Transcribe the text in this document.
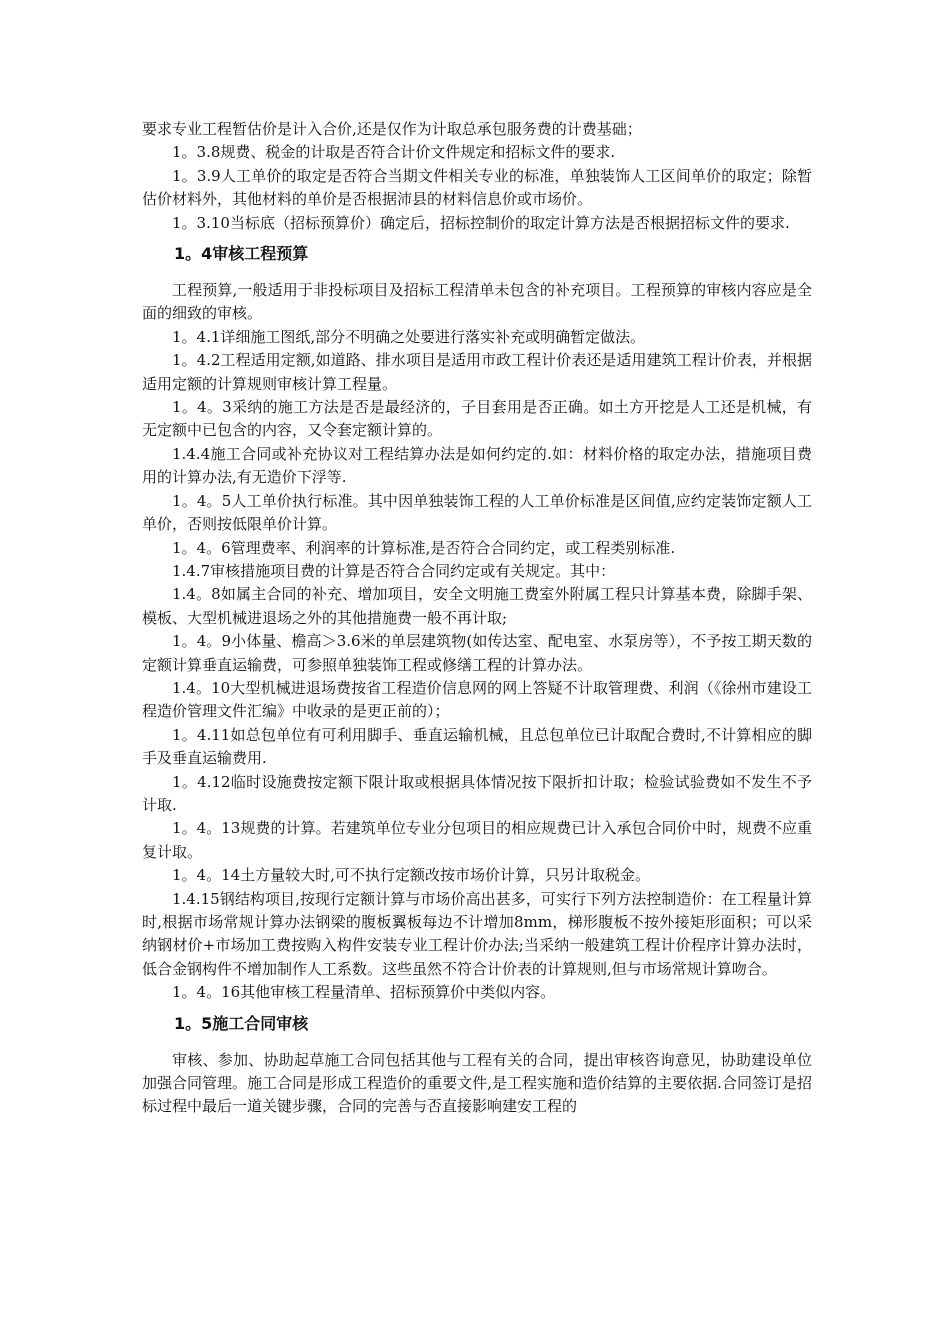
要求专业工程暂估价是计入合价,还是仅作为计取总承包服务费的计费基础；

1。3.8规费、税金的计取是否符合计价文件规定和招标文件的要求.

1。3.9人工单价的取定是否符合当期文件相关专业的标准，单独装饰人工区间单价的取定；除暂估价材料外，其他材料的单价是否根据沛县的材料信息价或市场价。

1。3.10当标底（招标预算价）确定后，招标控制价的取定计算方法是否根据招标文件的要求.

1。4审核工程预算

工程预算,一般适用于非投标项目及招标工程清单未包含的补充项目。工程预算的审核内容应是全面的细致的审核。

1。4.1详细施工图纸,部分不明确之处要进行落实补充或明确暂定做法。

1。4.2工程适用定额,如道路、排水项目是适用市政工程计价表还是适用建筑工程计价表，并根据适用定额的计算规则审核计算工程量。

1。4。3采纳的施工方法是否是最经济的，子目套用是否正确。如土方开挖是人工还是机械，有无定额中已包含的内容，又令套定额计算的。

1.4.4施工合同或补充协议对工程结算办法是如何约定的.如：材料价格的取定办法，措施项目费用的计算办法,有无造价下浮等.

1。4。5人工单价执行标准。其中因单独装饰工程的人工单价标准是区间值,应约定装饰定额人工单价，否则按低限单价计算。

1。4。6管理费率、利润率的计算标准,是否符合合同约定，或工程类别标准.

1.4.7审核措施项目费的计算是否符合合同约定或有关规定。其中：

1.4。8如属主合同的补充、增加项目，安全文明施工费室外附属工程只计算基本费，除脚手架、模板、大型机械进退场之外的其他措施费一般不再计取;

1。4。9小体量、檐高＞3.6米的单层建筑物(如传达室、配电室、水泵房等），不予按工期天数的定额计算垂直运输费，可参照单独装饰工程或修缮工程的计算办法。

1.4。10大型机械进退场费按省工程造价信息网的网上答疑不计取管理费、利润（《徐州市建设工程造价管理文件汇编》中收录的是更正前的）；

1。4.11如总包单位有可利用脚手、垂直运输机械，且总包单位已计取配合费时,不计算相应的脚手及垂直运输费用.

1。4.12临时设施费按定额下限计取或根据具体情况按下限折扣计取；检验试验费如不发生不予计取.

1。4。13规费的计算。若建筑单位专业分包项目的相应规费已计入承包合同价中时，规费不应重复计取。

1。4。14土方量较大时,可不执行定额改按市场价计算，只另计取税金。

1.4.15钢结构项目,按现行定额计算与市场价高出甚多，可实行下列方法控制造价：在工程量计算时,根据市场常规计算办法钢梁的腹板翼板每边不计增加8mm，梯形腹板不按外接矩形面积；可以采纳钢材价+市场加工费按购入构件安装专业工程计价办法;当采纳一般建筑工程计价程序计算办法时，低合金钢构件不增加制作人工系数。这些虽然不符合计价表的计算规则,但与市场常规计算吻合。

1。4。16其他审核工程量清单、招标预算价中类似内容。

1。5施工合同审核

审核、参加、协助起草施工合同包括其他与工程有关的合同，提出审核咨询意见，协助建设单位加强合同管理。施工合同是形成工程造价的重要文件,是工程实施和造价结算的主要依据.合同签订是招标过程中最后一道关键步骤，合同的完善与否直接影响建安工程的
